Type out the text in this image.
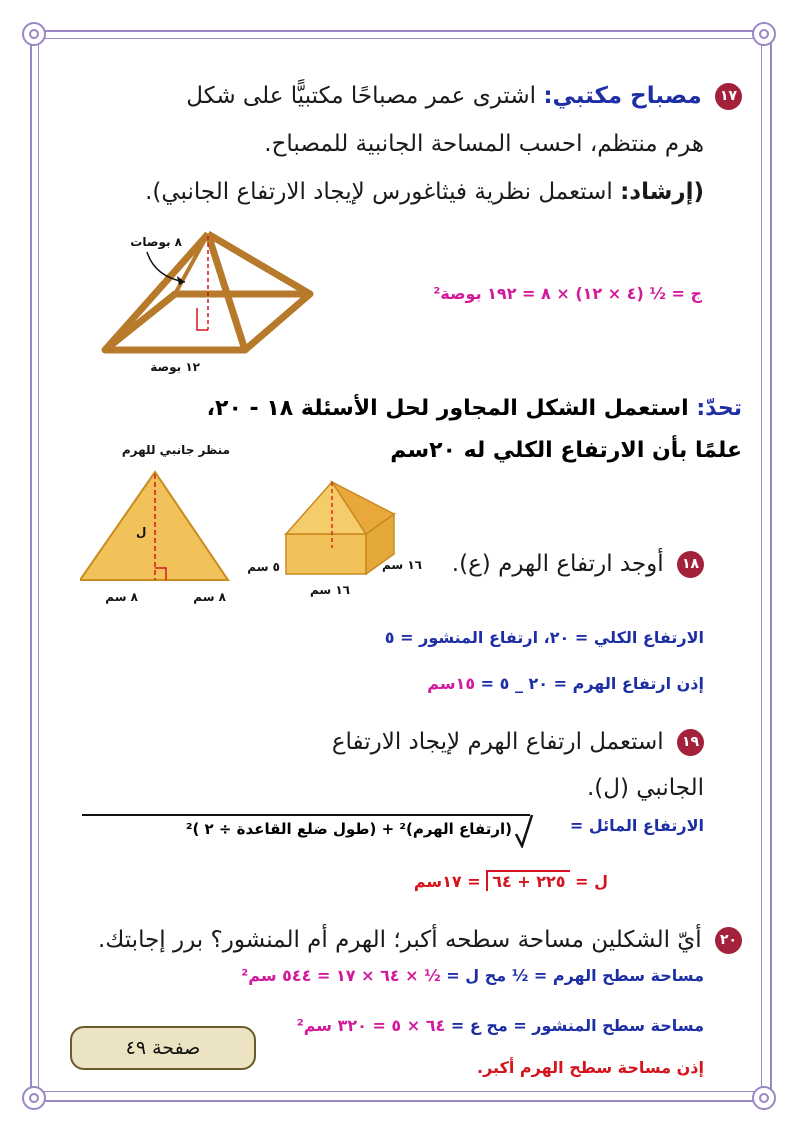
١٧ مصباح مكتبي: اشترى عمر مصباحًا مكتبيًّا على شكل
هرم منتظم، احسب المساحة الجانبية للمصباح.
(إرشاد: استعمل نظرية فيثاغورس لإيجاد الارتفاع الجانبي).
٨ بوصات
١٢ بوصة
ج = ½ (٤ × ١٢) × ٨ = ١٩٢ بوصة²
تحدّ: استعمل الشكل المجاور لحل الأسئلة ١٨ - ٢٠،
علمًا بأن الارتفاع الكلي له ٢٠سم
منظر جانبي للهرم
ل
٨ سم	٨ سم
٥ سم	١٦ سم
١٦ سم
١٨ أوجد ارتفاع الهرم (ع).
الارتفاع الكلي = ٢٠، ارتفاع المنشور = ٥
إذن ارتفاع الهرم = ٢٠ _ ٥ = ١٥سم
١٩ استعمل ارتفاع الهرم لإيجاد الارتفاع
الجانبي (ل).
الارتفاع المائل =
(ارتفاع الهرم)² + (طول ضلع القاعدة ÷ ٢ )²
ل = ٢٢٥ + ٦٤ = ١٧سم
٢٠ أيّ الشكلين مساحة سطحه أكبر؛ الهرم أم المنشور؟ برر إجابتك.
مساحة سطح الهرم = ½ مح ل = ½ × ٦٤ × ١٧ = ٥٤٤ سم²
مساحة سطح المنشور = مح ع = ٦٤ × ٥ = ٣٢٠ سم²
إذن مساحة سطح الهرم أكبر.
صفحة ٤٩
